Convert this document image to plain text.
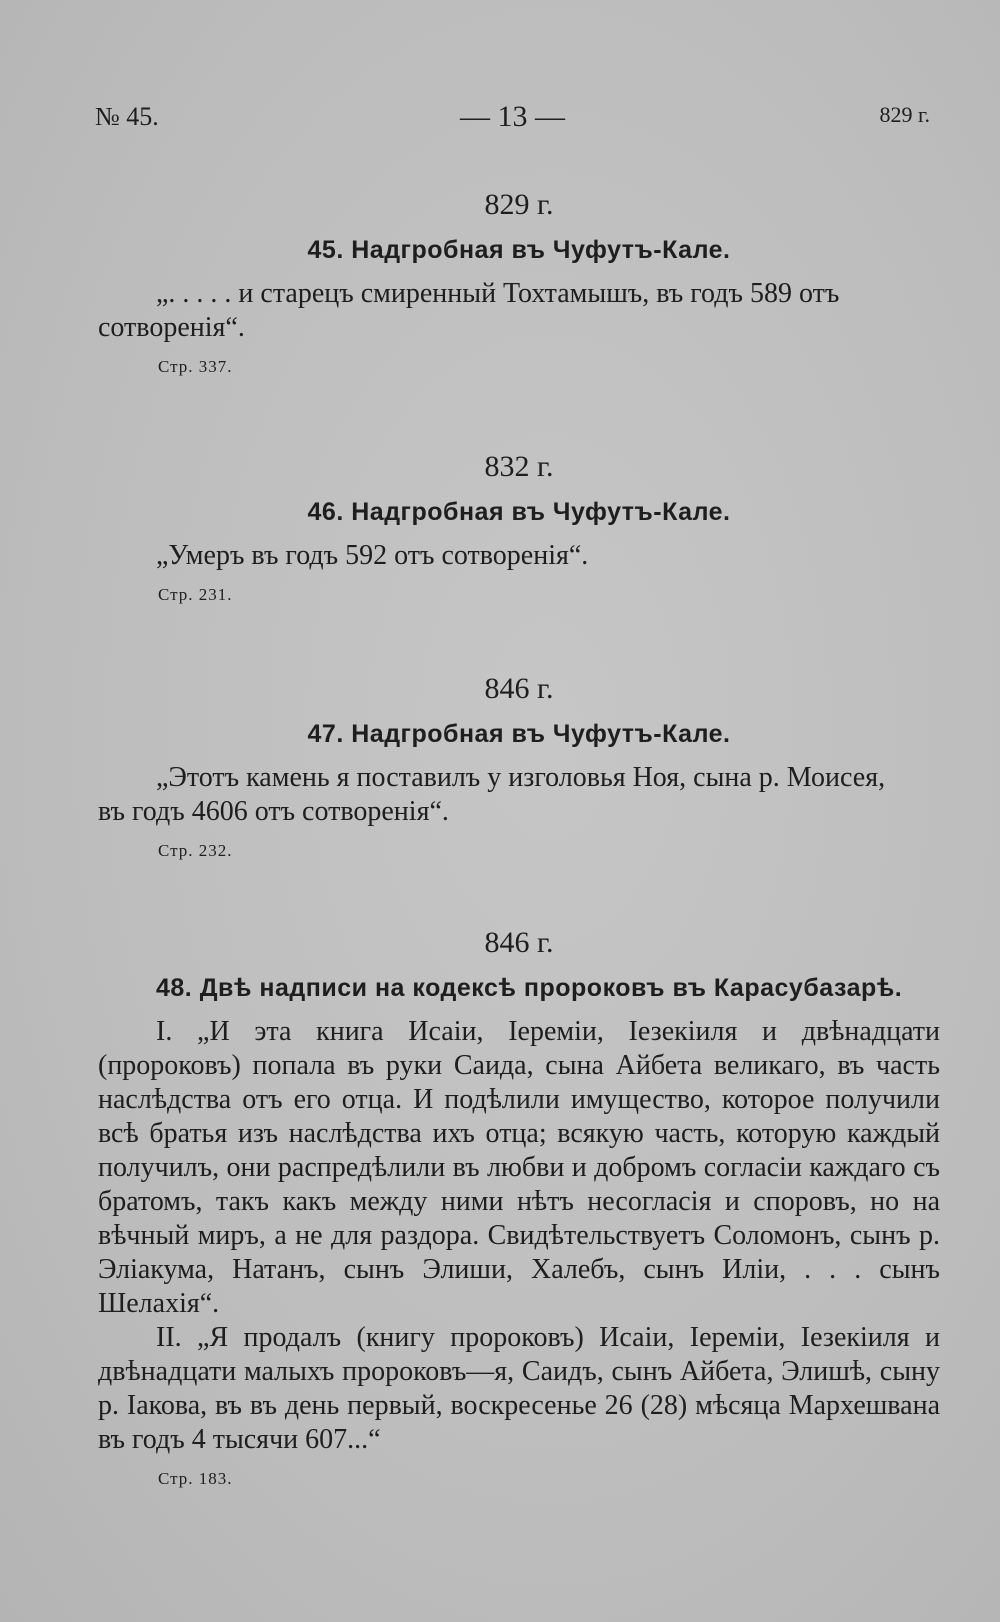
№ 45.	— 13 —	829 г.
829 г.
45. Надгробная въ Чуфутъ-Кале.

„. . . . . и старецъ смиренный Тохтамышъ, въ годъ 589 отъ

сотворенія“.

Стр. 337.
832 г.
46. Надгробная въ Чуфутъ-Кале.

„Умеръ въ годъ 592 отъ сотворенія“.

Стр. 231.
846 г.
47. Надгробная въ Чуфутъ-Кале.

„Этотъ камень я поставилъ у изголовья Ноя, сына р. Моисея,

въ годъ 4606 отъ сотворенія“.

Стр. 232.
846 г.
48. Двѣ надписи на кодексѣ пророковъ въ Карасубазарѣ.

I. „И эта книга Исаіи, Іереміи, Іезекіиля и двѣнадцати (пророковъ) попала въ руки Саида, сына Айбета великаго, въ часть наслѣдства отъ его отца. И подѣлили имущество, которое получили всѣ братья изъ наслѣдства ихъ отца; всякую часть, которую каждый получилъ, они распредѣлили въ любви и добромъ согласіи каждаго съ братомъ, такъ какъ между ними нѣтъ несогласія и споровъ, но на вѣчный миръ, а не для раздора. Свидѣтельствуетъ Соломонъ, сынъ р. Эліакума, Натанъ, сынъ Элиши, Халебъ, сынъ Иліи, . . . сынъ Шелахія“.

II. „Я продалъ (книгу пророковъ) Исаіи, Іереміи, Іезекіиля и двѣнадцати малыхъ пророковъ—я, Саидъ, сынъ Айбета, Элишѣ, сыну р. Іакова, въ въ день первый, воскресенье 26 (28) мѣсяца Мархешвана въ годъ 4 тысячи 607...“

Стр. 183.
